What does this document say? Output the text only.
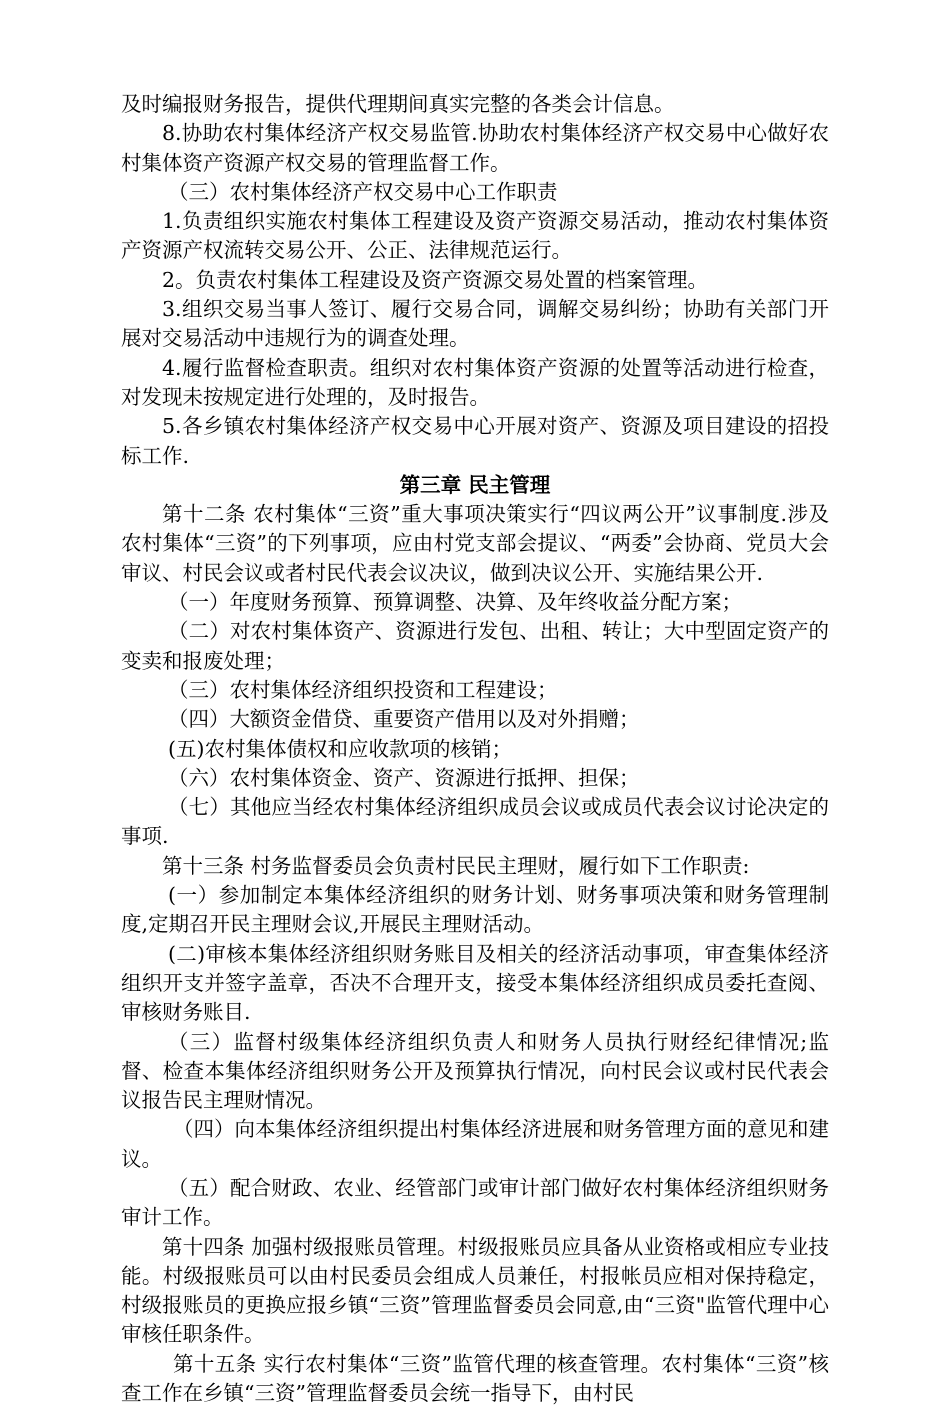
及时编报财务报告，提供代理期间真实完整的各类会计信息。

8.协助农村集体经济产权交易监管.协助农村集体经济产权交易中心做好农村集体资产资源产权交易的管理监督工作。

（三）农村集体经济产权交易中心工作职责

1.负责组织实施农村集体工程建设及资产资源交易活动，推动农村集体资产资源产权流转交易公开、公正、法律规范运行。

2。负责农村集体工程建设及资产资源交易处置的档案管理。

3.组织交易当事人签订、履行交易合同，调解交易纠纷；协助有关部门开展对交易活动中违规行为的调查处理。

4.履行监督检查职责。组织对农村集体资产资源的处置等活动进行检查，对发现未按规定进行处理的，及时报告。

5.各乡镇农村集体经济产权交易中心开展对资产、资源及项目建设的招投标工作.

第三章 民主管理

第十二条 农村集体“三资”重大事项决策实行“四议两公开”议事制度.涉及农村集体“三资”的下列事项，应由村党支部会提议、“两委”会协商、党员大会审议、村民会议或者村民代表会议决议，做到决议公开、实施结果公开.

（一）年度财务预算、预算调整、决算、及年终收益分配方案；

（二）对农村集体资产、资源进行发包、出租、转让；大中型固定资产的变卖和报废处理；

（三）农村集体经济组织投资和工程建设；

（四）大额资金借贷、重要资产借用以及对外捐赠；

(五)农村集体债权和应收款项的核销；

（六）农村集体资金、资产、资源进行抵押、担保；

（七）其他应当经农村集体经济组织成员会议或成员代表会议讨论决定的事项.

第十三条 村务监督委员会负责村民民主理财，履行如下工作职责:

(一）参加制定本集体经济组织的财务计划、财务事项决策和财务管理制度,定期召开民主理财会议,开展民主理财活动。

(二)审核本集体经济组织财务账目及相关的经济活动事项，审查集体经济组织开支并签字盖章，否决不合理开支，接受本集体经济组织成员委托查阅、审核财务账目.

（三）监督村级集体经济组织负责人和财务人员执行财经纪律情况;监督、检查本集体经济组织财务公开及预算执行情况，向村民会议或村民代表会议报告民主理财情况。

（四）向本集体经济组织提出村集体经济进展和财务管理方面的意见和建议。

（五）配合财政、农业、经管部门或审计部门做好农村集体经济组织财务审计工作。

第十四条 加强村级报账员管理。村级报账员应具备从业资格或相应专业技能。村级报账员可以由村民委员会组成人员兼任，村报帐员应相对保持稳定，村级报账员的更换应报乡镇“三资”管理监督委员会同意,由“三资"监管代理中心审核任职条件。

第十五条 实行农村集体“三资”监管代理的核查管理。农村集体“三资”核查工作在乡镇“三资”管理监督委员会统一指导下，由村民
